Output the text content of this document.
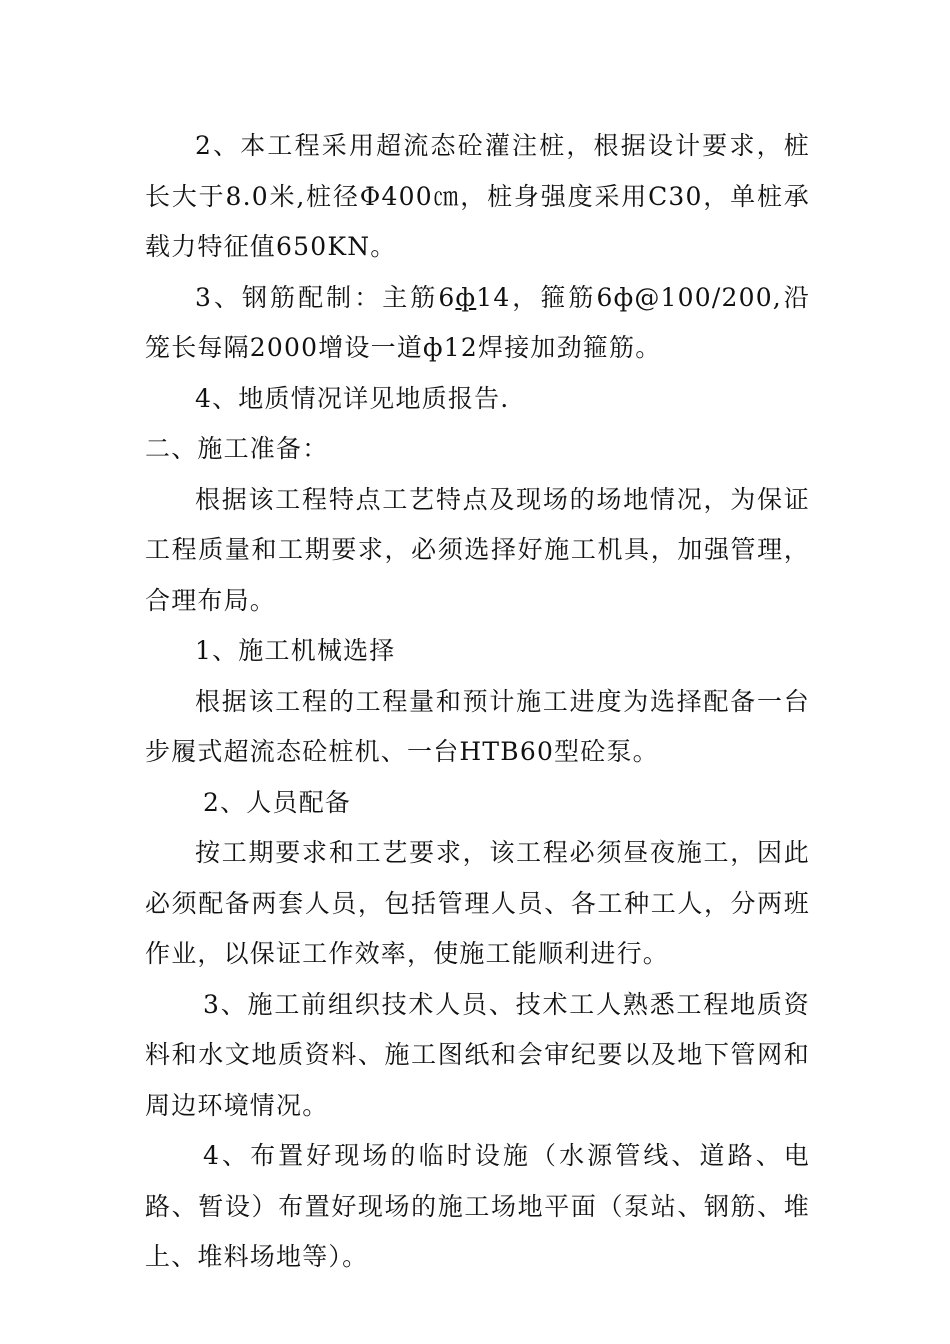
2、本工程采用超流态砼灌注桩，根据设计要求，桩长大于8.0米,桩径Φ400㎝，桩身强度采用C30，单桩承载力特征值650KN。

3、钢筋配制：主筋6ф14，箍筋6ф@100/200,沿笼长每隔2000增设一道ф12焊接加劲箍筋。

4、地质情况详见地质报告.

二、施工准备：

根据该工程特点工艺特点及现场的场地情况，为保证工程质量和工期要求，必须选择好施工机具，加强管理，合理布局。

1、施工机械选择

根据该工程的工程量和预计施工进度为选择配备一台步履式超流态砼桩机、一台HTB60型砼泵。

2、人员配备

按工期要求和工艺要求，该工程必须昼夜施工，因此必须配备两套人员，包括管理人员、各工种工人，分两班作业，以保证工作效率，使施工能顺利进行。

3、施工前组织技术人员、技术工人熟悉工程地质资料和水文地质资料、施工图纸和会审纪要以及地下管网和周边环境情况。

4、布置好现场的临时设施（水源管线、道路、电路、暂设）布置好现场的施工场地平面（泵站、钢筋、堆上、堆料场地等）。
